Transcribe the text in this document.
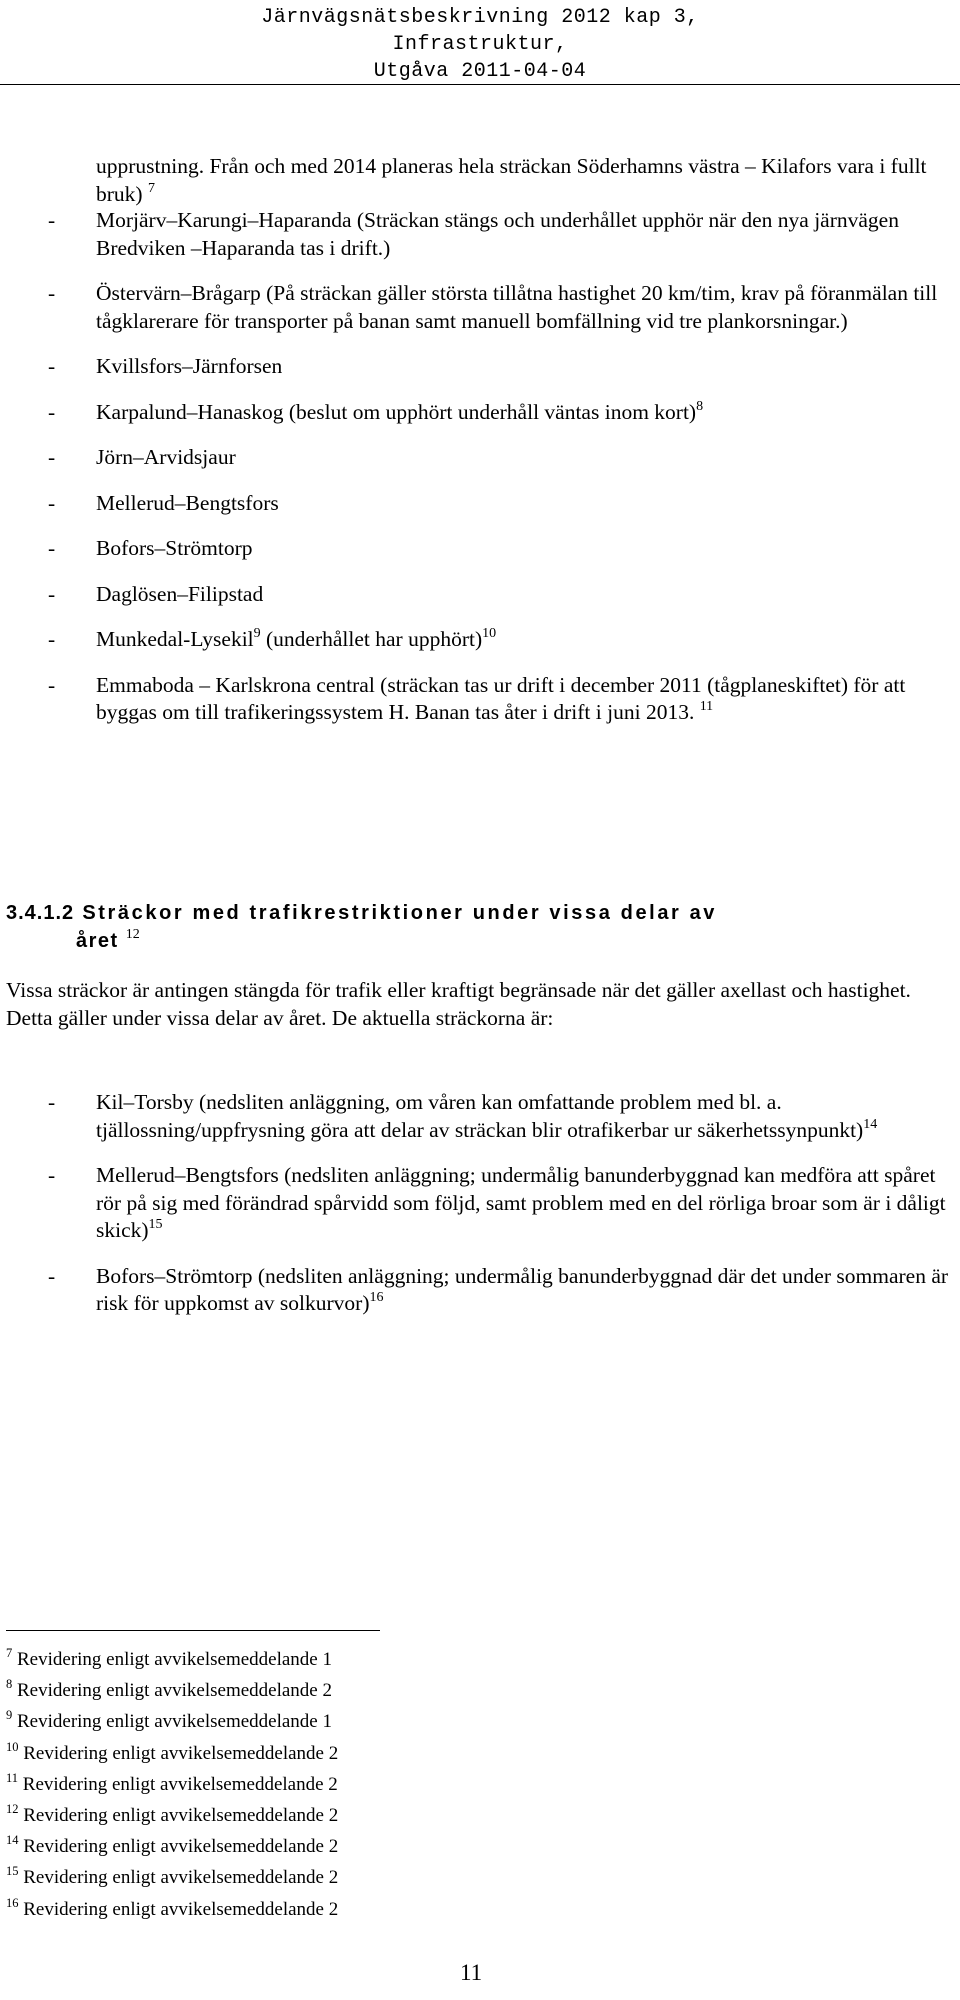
Järnvägsnätsbeskrivning 2012 kap 3, Infrastruktur,
Utgåva 2011-04-04
upprustning. Från och med 2014 planeras hela sträckan Söderhamns västra – Kilafors vara i fullt bruk) $^7$
- Morjärv–Karungi–Haparanda (Sträckan stängs och underhållet upphör när den nya järnvägen Bredviken –Haparanda tas i drift.)
- Östervärn–Brågarp (På sträckan gäller största tillåtna hastighet 20 km/tim, krav på föranmälan till tågklarerare för transporter på banan samt manuell bomfällning vid tre plankorsningar.)
- Kvillsfors–Järnforsen
- Karpalund–Hanaskog (beslut om upphört underhåll väntas inom kort)$^8$
- Jörn–Arvidsjaur
- Mellerud–Bengtsfors
- Bofors–Strömtorp
- Daglösen–Filipstad
- Munkedal-Lysekil$^9$ (underhållet har upphört)$^{10}$
- Emmaboda – Karlskrona central (sträckan tas ur drift i december 2011 (tågplaneskiftet) för att byggas om till trafikeringssystem H. Banan tas åter i drift i juni 2013. $^{11}$
3.4.1.2 Sträckor med trafikrestriktioner under vissa delar av
året $^{12}$
Vissa sträckor är antingen stängda för trafik eller kraftigt begränsade när det gäller axellast och hastighet. Detta gäller under vissa delar av året. De aktuella sträckorna är:
- Kil–Torsby (nedsliten anläggning, om våren kan omfattande problem med bl. a. tjällossning/uppfrysning göra att delar av sträckan blir otrafikerbar ur säkerhetssynpunkt)$^{14}$
- Mellerud–Bengtsfors (nedsliten anläggning; undermålig banunderbyggnad kan medföra att spåret rör på sig med förändrad spårvidd som följd, samt problem med en del rörliga broar som är i dåligt skick)$^{15}$
- Bofors–Strömtorp (nedsliten anläggning; undermålig banunderbyggnad där det under sommaren är risk för uppkomst av solkurvor)$^{16}$
$^7$ Revidering enligt avvikelsemeddelande 1
$^8$ Revidering enligt avvikelsemeddelande 2
$^9$ Revidering enligt avvikelsemeddelande 1
$^{10}$ Revidering enligt avvikelsemeddelande 2
$^{11}$ Revidering enligt avvikelsemeddelande 2
$^{12}$ Revidering enligt avvikelsemeddelande 2
$^{14}$ Revidering enligt avvikelsemeddelande 2
$^{15}$ Revidering enligt avvikelsemeddelande 2
$^{16}$ Revidering enligt avvikelsemeddelande 2
11
